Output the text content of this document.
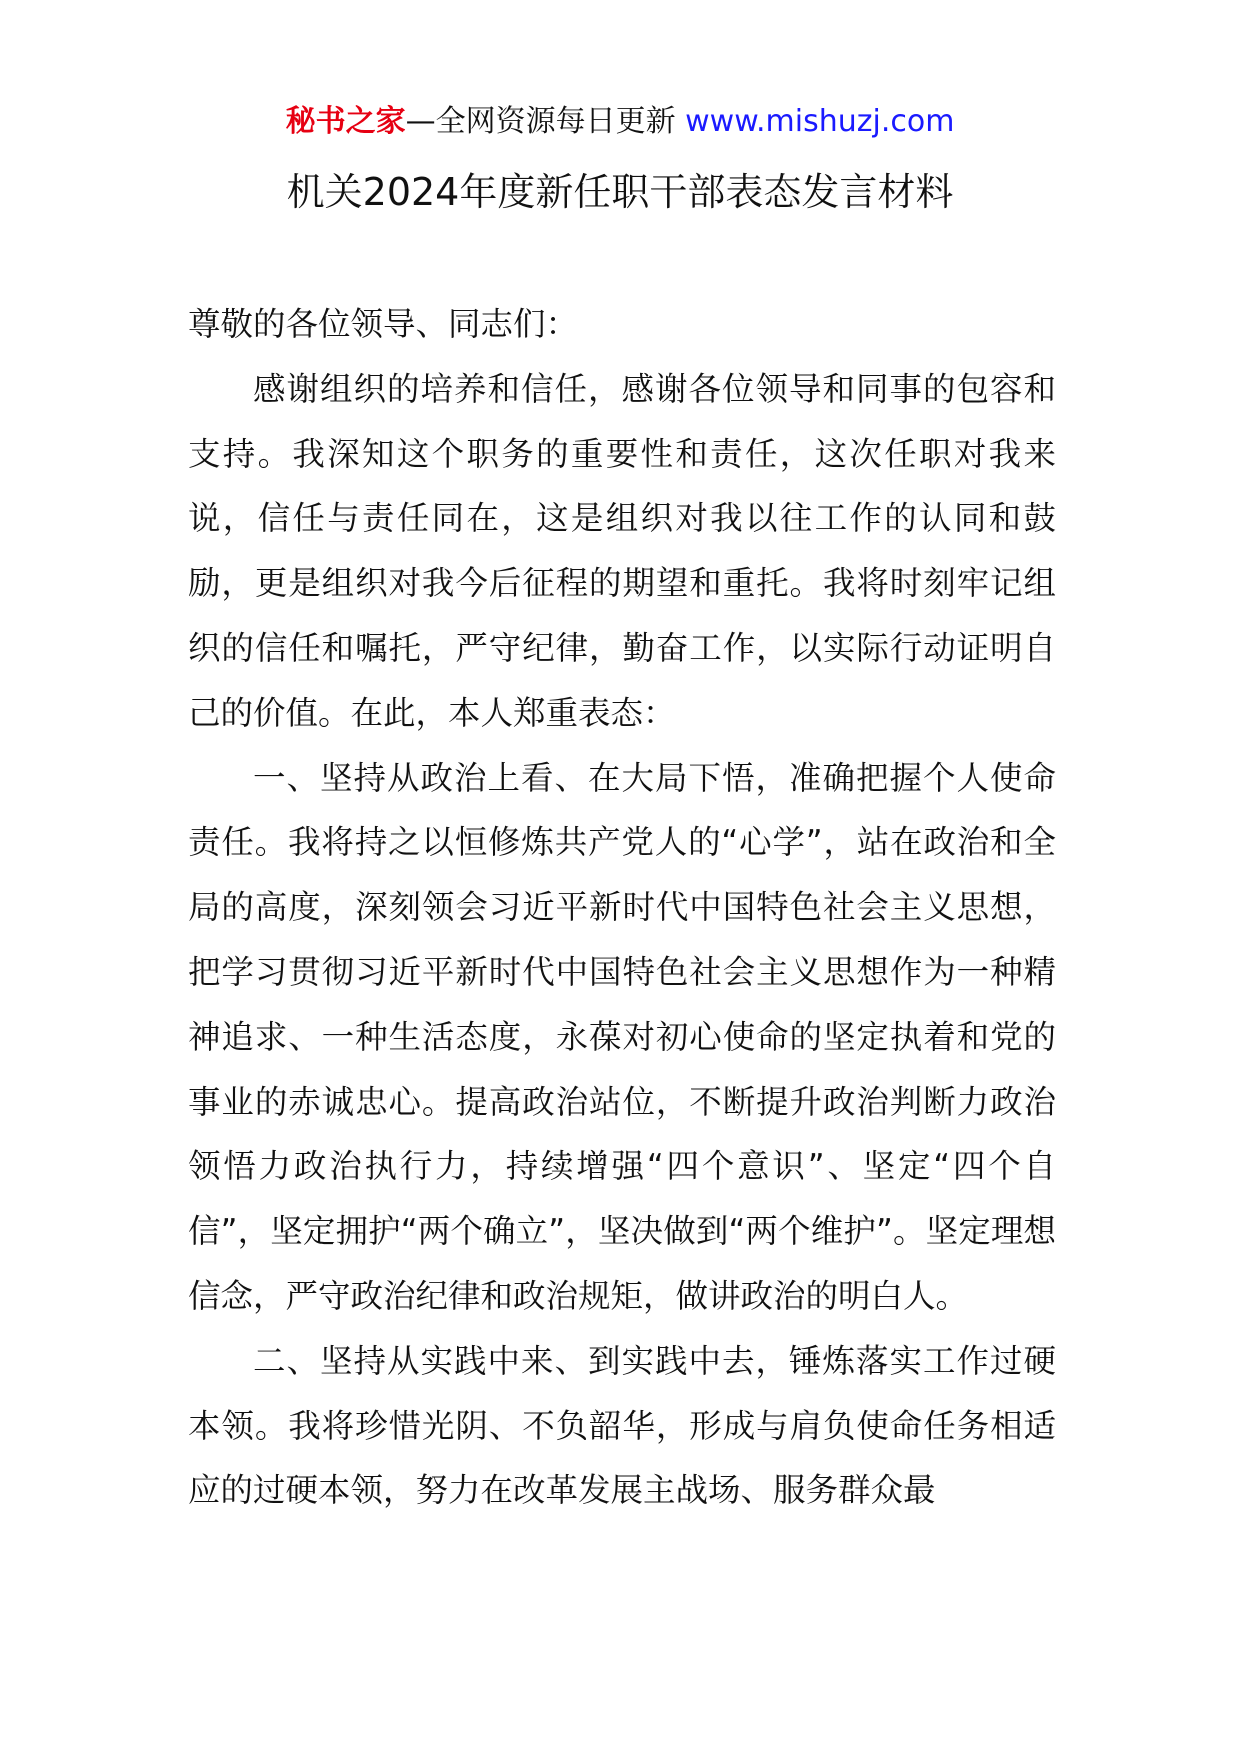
秘书之家—全网资源每日更新 www.mishuzj.com
机关2024年度新任职干部表态发言材料

尊敬的各位领导、同志们：

感谢组织的培养和信任，感谢各位领导和同事的包容和支持。我深知这个职务的重要性和责任，这次任职对我来说，信任与责任同在，这是组织对我以往工作的认同和鼓励，更是组织对我今后征程的期望和重托。我将时刻牢记组织的信任和嘱托，严守纪律，勤奋工作，以实际行动证明自己的价值。在此，本人郑重表态：

一、坚持从政治上看、在大局下悟，准确把握个人使命责任。我将持之以恒修炼共产党人的“心学”，站在政治和全局的高度，深刻领会习近平新时代中国特色社会主义思想，把学习贯彻习近平新时代中国特色社会主义思想作为一种精神追求、一种生活态度，永葆对初心使命的坚定执着和党的事业的赤诚忠心。提高政治站位，不断提升政治判断力政治领悟力政治执行力，持续增强“四个意识”、坚定“四个自信”，坚定拥护“两个确立”，坚决做到“两个维护”。坚定理想信念，严守政治纪律和政治规矩，做讲政治的明白人。

二、坚持从实践中来、到实践中去，锤炼落实工作过硬本领。我将珍惜光阴、不负韶华，形成与肩负使命任务相适应的过硬本领，努力在改革发展主战场、服务群众最
